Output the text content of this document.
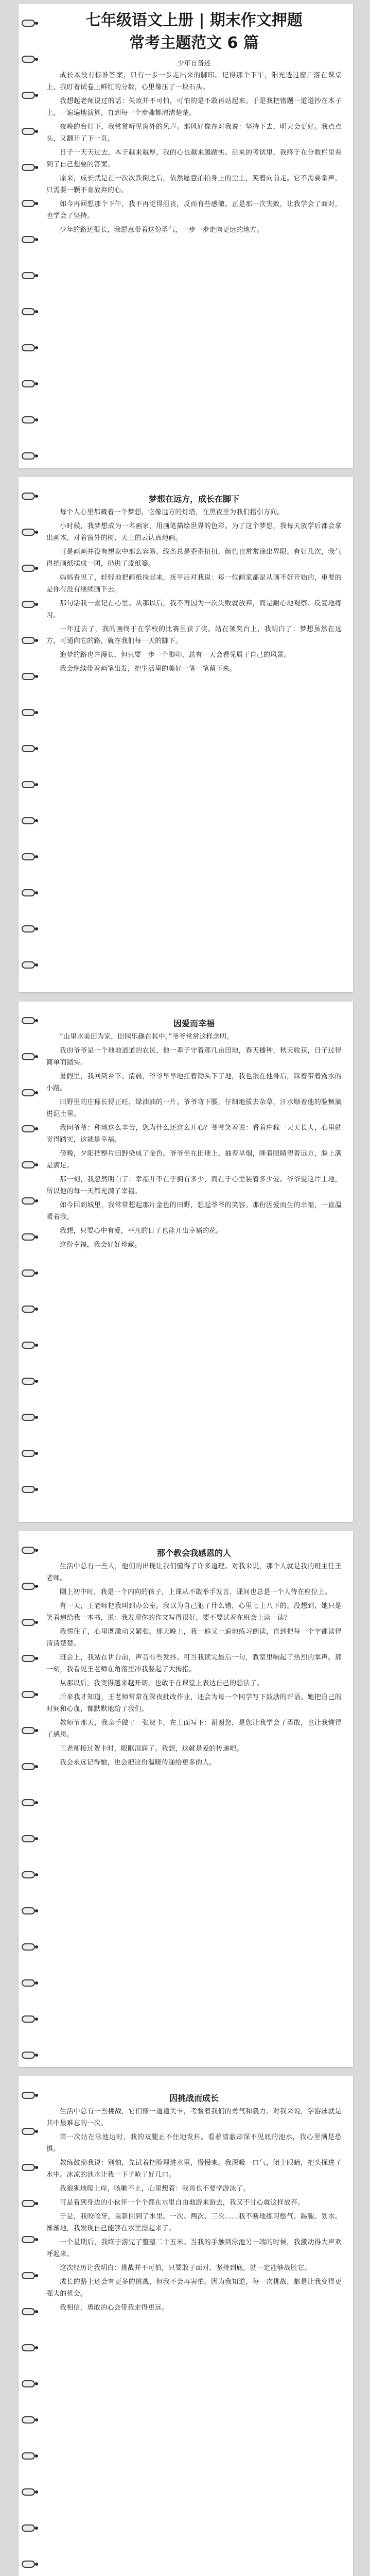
七年级语文上册 | 期末作文押题
常考主题范文 6 篇
少年自备述

成长本没有标准答案，只有一步一步走出来的脚印。记得那个下午，阳光透过窗户落在课桌上，我盯着试卷上鲜红的分数，心里像压了一块石头。

我想起老师说过的话：失败并不可怕，可怕的是不敢再站起来。于是我把错题一道道抄在本子上，一遍遍地演算，直到每一个步骤都清清楚楚。

夜晚的台灯下，我常常听见窗外的风声。那风好像在对我说：坚持下去，明天会更好。我点点头，又翻开了下一页。

日子一天天过去，本子越来越厚，我的心也越来越踏实。后来的考试里，我终于在分数栏里看到了自己想要的答案。

原来，成长就是在一次次跌倒之后，依然愿意拍拍身上的尘土，笑着向前走。它不需要掌声，只需要一颗不肯放弃的心。

如今再回想那个下午，我不再觉得沮丧，反而有些感激。正是那一次失败，让我学会了面对，也学会了坚持。

少年的路还很长，我愿意带着这份勇气，一步一步走向更远的地方。

梦想在远方，成长在脚下

每个人心里都藏着一个梦想，它像远方的灯塔，在黑夜里为我们指引方向。

小时候，我梦想成为一名画家，用画笔描绘世界的色彩。为了这个梦想，我每天放学后都会拿出画本，对着窗外的树、天上的云认真地画。

可是画画并没有想象中那么容易。线条总是歪歪扭扭，颜色也常常涂出界限。有好几次，我气得把画纸揉成一团，扔进了废纸篓。

妈妈看见了，轻轻地把画纸捡起来，抚平后对我说：每一位画家都是从画不好开始的，重要的是你有没有继续画下去。

那句话我一直记在心里。从那以后，我不再因为一次失败就放弃，而是耐心地观察、反复地练习。

一年过去了，我的画终于在学校的比赛里获了奖。站在领奖台上，我明白了：梦想虽然在远方，可通向它的路，就在我们每一天的脚下。

追梦的路也许漫长，但只要一步一个脚印，总有一天会看见属于自己的风景。

我会继续带着画笔出发，把生活里的美好一笔一笔留下来。

因爱而幸福

“山里水美田为家，田园乐趣在其中。”爷爷常常这样念叨。

我的爷爷是一个地地道道的农民，他一辈子守着那几亩田地，春天播种，秋天收获，日子过得简单而踏实。

暑假里，我回到乡下。清晨，爷爷早早地扛着锄头下了地，我也跟在他身后，踩着带着露水的小路。

田野里的庄稼长得正旺，绿油油的一片。爷爷弯下腰，仔细地拔去杂草，汗水顺着他的脸颊滴进泥土里。

我问爷爷：种地这么辛苦，您为什么还这么开心？爷爷笑着说：看着庄稼一天天长大，心里就觉得踏实，这就是幸福。

傍晚，夕阳把整片田野染成了金色。爷爷坐在田埂上，抽着旱烟，眯着眼睛望着远方，脸上满是满足。

那一刻，我忽然明白了：幸福并不在于拥有多少，而在于心里装着多少爱。爷爷爱这片土地，所以他的每一天都充满了幸福。

如今回到城里，我常常想起那片金色的田野，想起爷爷的笑容。那份因爱而生的幸福，一直温暖着我。

我想，只要心中有爱，平凡的日子也能开出幸福的花。

这份幸福，我会好好珍藏。

那个教会我感恩的人

生活中总有一些人，他们的出现让我们懂得了许多道理。对我来说，那个人就是我的班主任王老师。

刚上初中时，我是一个内向的孩子，上课从不敢举手发言，课间也总是一个人待在座位上。

有一天，王老师把我叫到办公室。我以为自己犯了什么错，心里七上八下的。没想到，她只是笑着递给我一本书，说：我发现你的作文写得很好，要不要试着在班会上读一读？

我愣住了，心里既激动又紧张。那天晚上，我一遍又一遍地练习朗读，直到把每一个字都读得清清楚楚。

班会上，我站在讲台前，声音有些发抖。可当我读完最后一句，教室里响起了热烈的掌声。那一刻，我看见王老师在角落里冲我竖起了大拇指。

从那以后，我变得越来越开朗，也敢于在课堂上表达自己的想法了。

后来我才知道，王老师常常在深夜批改作业，还会为每一个同学写下鼓励的评语。她把自己的时间和心血，都默默地给了我们。

教师节那天，我亲手做了一张贺卡，在上面写下：谢谢您，是您让我学会了勇敢，也让我懂得了感恩。

王老师接过贺卡时，眼眶湿润了。我想，这就是爱的传递吧。

我会永远记得她，也会把这份温暖传递给更多的人。

因挑战而成长

生活中总有一些挑战，它们像一道道关卡，考验着我们的勇气和毅力。对我来说，学游泳就是其中最难忘的一次。

第一次站在泳池边时，我的双腿止不住地发抖。看着清澈却深不见底的池水，我心里满是恐惧。

教练鼓励我说：别怕，先试着把脸埋进水里，慢慢来。我深吸一口气，闭上眼睛，把头探进了水中。冰凉的池水让我一下子呛了好几口。

我狼狈地爬上岸，咳嗽不止，心里想着：我再也不要学游泳了。

可是看到身边的小伙伴一个个都在水里自由地游来游去，我又不甘心就这样放弃。

于是，我咬咬牙，重新回到了水里。一次、两次、三次……我不断地练习憋气、踢腿、划水。渐渐地，我发现自己能够在水里漂起来了。

一个星期后，我终于游完了整整二十五米。当我的手触到泳池另一端的时候，我激动得大声欢呼起来。

这次经历让我明白：挑战并不可怕，只要敢于面对、坚持到底，就一定能够战胜它。

成长的路上还会有更多的挑战，但我不会再害怕。因为我知道，每一次挑战，都是让我变得更强大的机会。

我相信，勇敢的心会带我走得更远。
